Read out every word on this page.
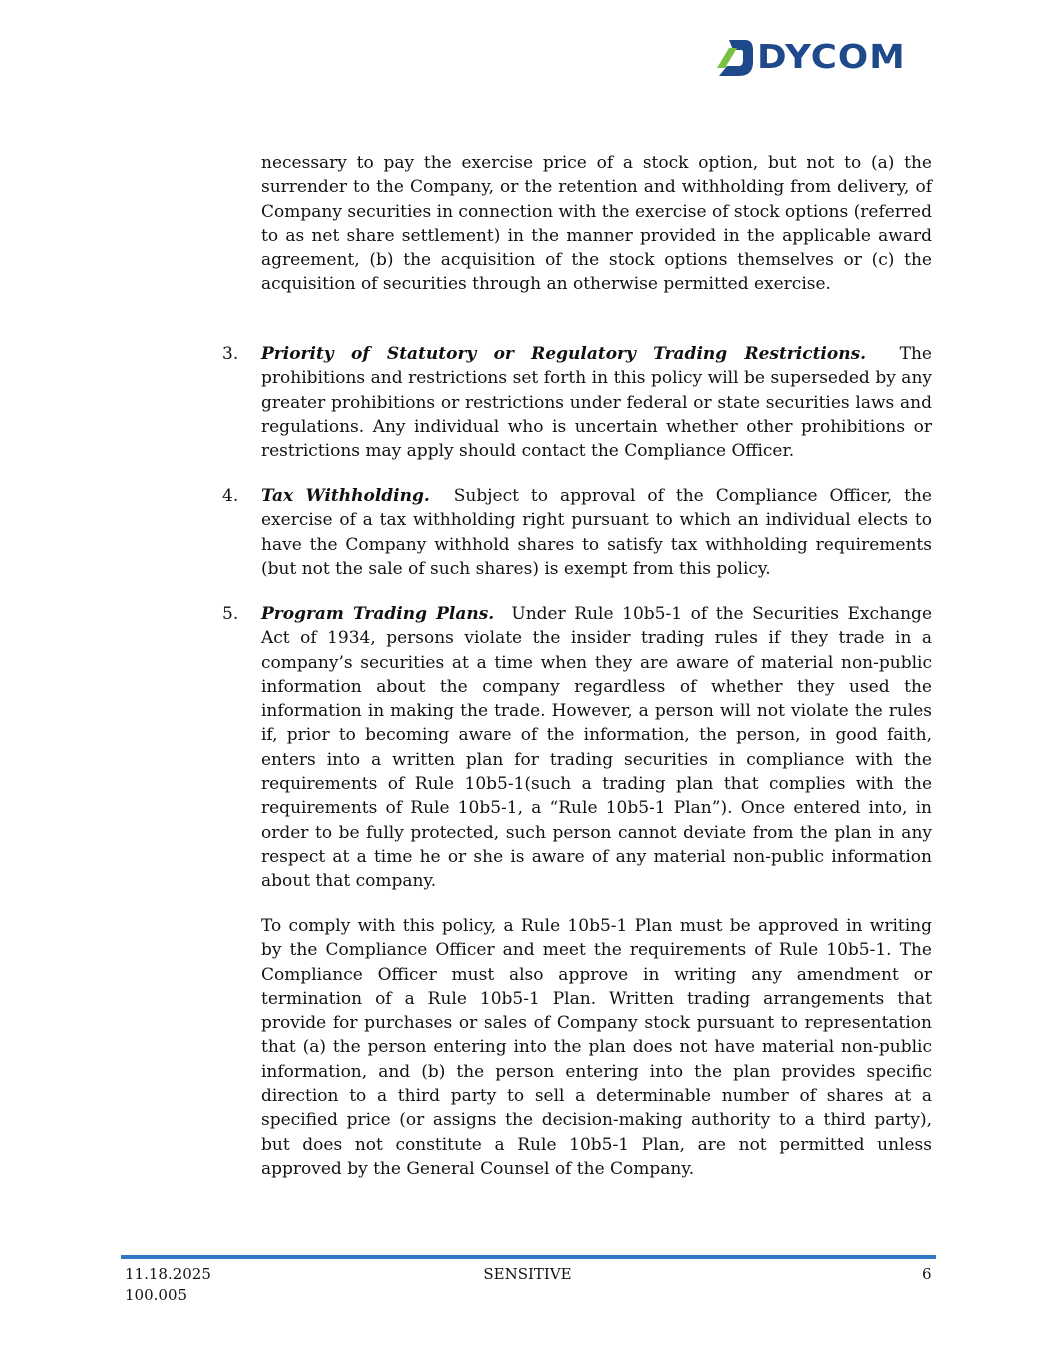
DYCOM
necessary to pay the exercise price of a stock option, but not to (a) the surrender to the Company, or the retention and withholding from delivery, of Company securities in connection with the exercise of stock options (referred to as net share settlement) in the manner provided in the applicable award agreement, (b) the acquisition of the stock options themselves or (c) the acquisition of securities through an otherwise permitted exercise.
3. Priority of Statutory or Regulatory Trading Restrictions. The prohibitions and restrictions set forth in this policy will be superseded by any greater prohibitions or restrictions under federal or state securities laws and regulations. Any individual who is uncertain whether other prohibitions or restrictions may apply should contact the Compliance Officer.
4. Tax Withholding. Subject to approval of the Compliance Officer, the exercise of a tax withholding right pursuant to which an individual elects to have the Company withhold shares to satisfy tax withholding requirements (but not the sale of such shares) is exempt from this policy.
5. Program Trading Plans. Under Rule 10b5-1 of the Securities Exchange Act of 1934, persons violate the insider trading rules if they trade in a company’s securities at a time when they are aware of material non-public information about the company regardless of whether they used the information in making the trade. However, a person will not violate the rules if, prior to becoming aware of the information, the person, in good faith, enters into a written plan for trading securities in compliance with the requirements of Rule 10b5-1(such a trading plan that complies with the requirements of Rule 10b5-1, a “Rule 10b5-1 Plan”). Once entered into, in order to be fully protected, such person cannot deviate from the plan in any respect at a time he or she is aware of any material non-public information about that company.
To comply with this policy, a Rule 10b5-1 Plan must be approved in writing by the Compliance Officer and meet the requirements of Rule 10b5-1. The Compliance Officer must also approve in writing any amendment or termination of a Rule 10b5-1 Plan. Written trading arrangements that provide for purchases or sales of Company stock pursuant to representation that (a) the person entering into the plan does not have material non-public information, and (b) the person entering into the plan provides specific direction to a third party to sell a determinable number of shares at a specified price (or assigns the decision-making authority to a third party), but does not constitute a Rule 10b5-1 Plan, are not permitted unless approved by the General Counsel of the Company.
11.18.2025
100.005
SENSITIVE	6
